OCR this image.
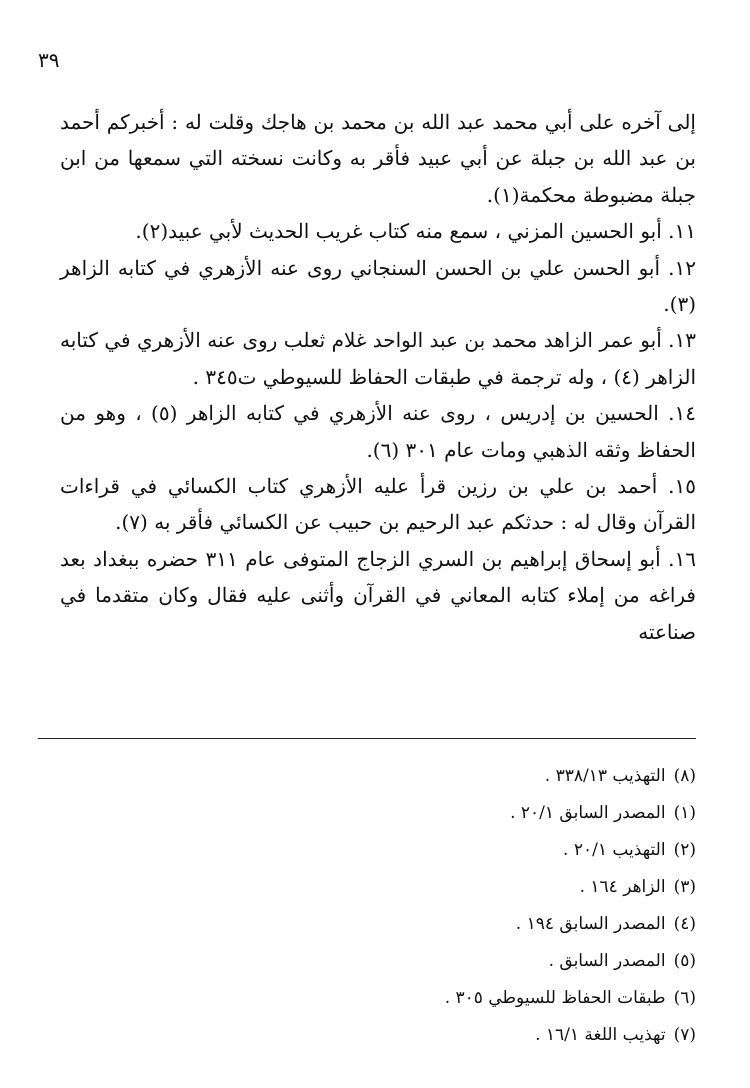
٣٩

إلى آخره على أبي محمد عبد الله بن محمد بن هاجك وقلت له : أخبركم أحمد بن عبد الله بن جبلة عن أبي عبيد فأقر به وكانت نسخته التي سمعها من ابن جبلة مضبوطة محكمة(١).

١١. أبو الحسين المزني ، سمع منه كتاب غريب الحديث لأبي عبيد(٢).

١٢. أبو الحسن علي بن الحسن السنجاني روى عنه الأزهري في كتابه الزاهر (٣).

١٣. أبو عمر الزاهد محمد بن عبد الواحد غلام ثعلب روى عنه الأزهري في كتابه الزاهر (٤) ، وله ترجمة في طبقات الحفاظ للسيوطي ت٣٤٥ .

١٤. الحسين بن إدريس ، روى عنه الأزهري في كتابه الزاهر (٥) ، وهو من الحفاظ وثقه الذهبي ومات عام ٣٠١ (٦).

١٥. أحمد بن علي بن رزين قرأ عليه الأزهري كتاب الكسائي في قراءات القرآن وقال له : حدثكم عبد الرحيم بن حبيب عن الكسائي فأقر به (٧).

١٦. أبو إسحاق إبراهيم بن السري الزجاج المتوفى عام ٣١١ حضره ببغداد بعد فراغه من إملاء كتابه المعاني في القرآن وأثنى عليه فقال وكان متقدما في صناعته

(٨)التهذيب ٣٣٨/١٣ .
(١)المصدر السابق ٢٠/١ .
(٢)التهذيب ٢٠/١ .
(٣)الزاهر ١٦٤ .
(٤)المصدر السابق ١٩٤ .
(٥)المصدر السابق .
(٦)طبقات الحفاظ للسيوطي ٣٠٥ .
(٧)تهذيب اللغة ١٦/١ .
